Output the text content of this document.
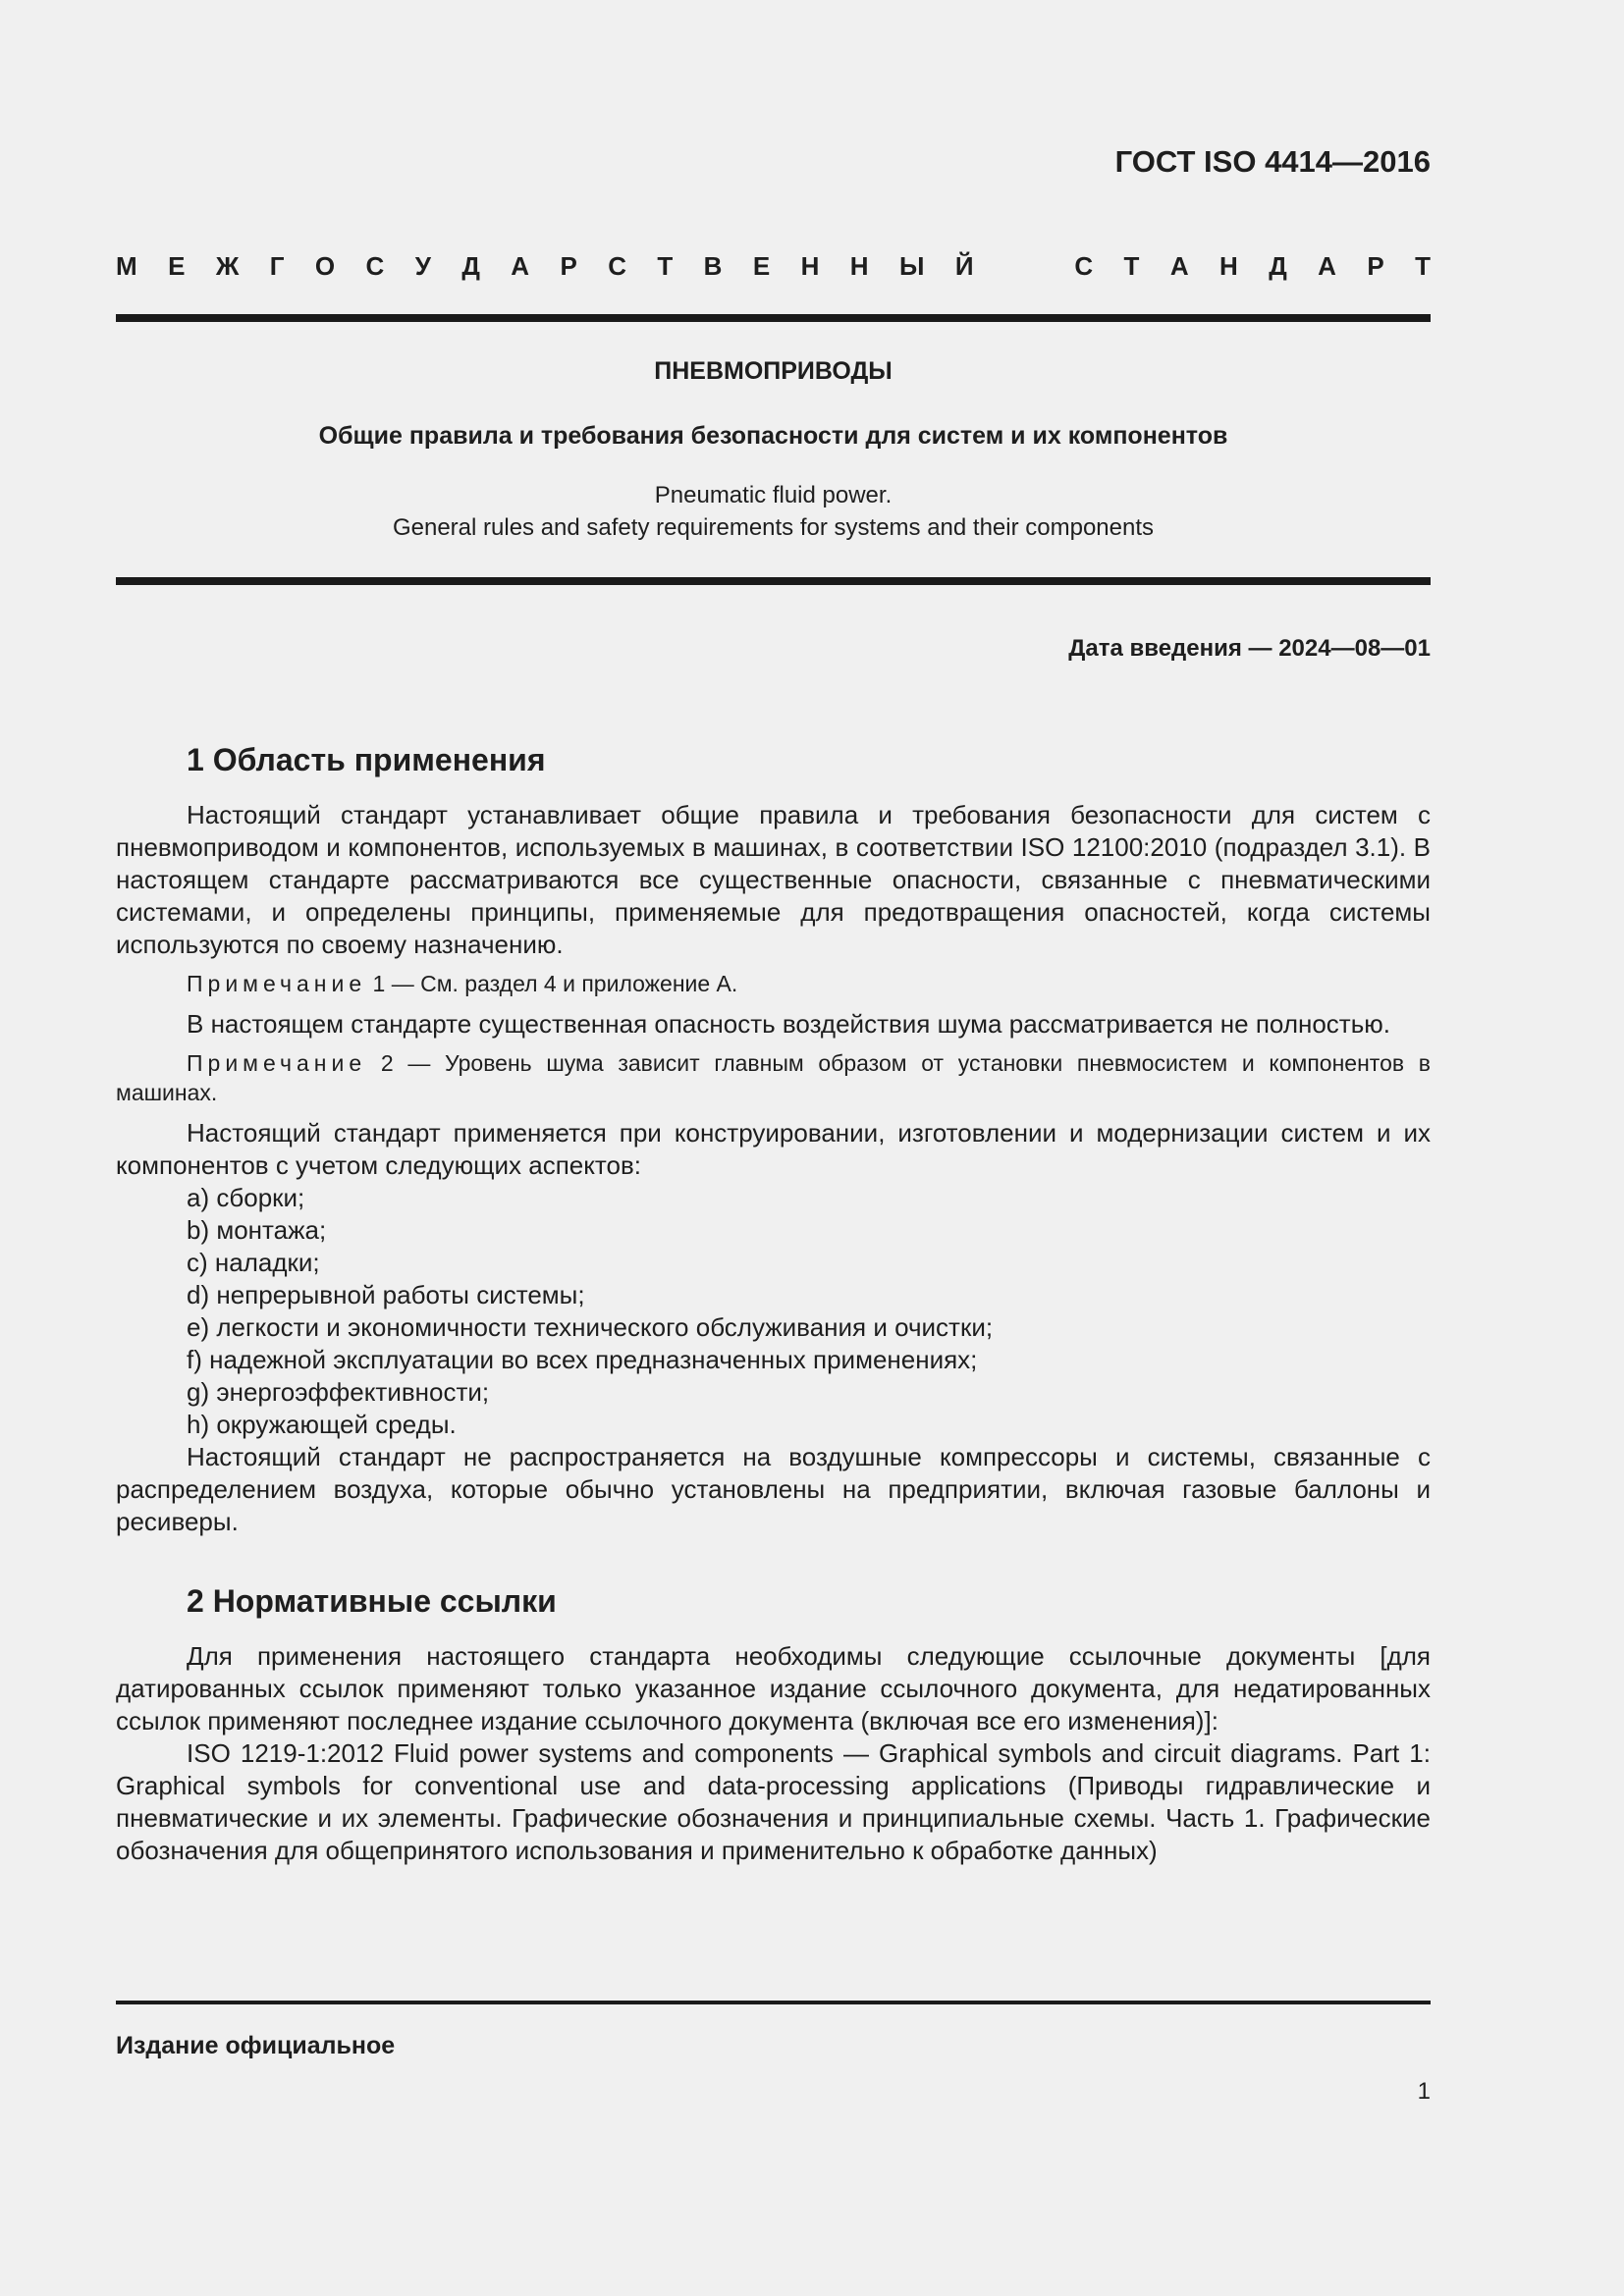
ГОСТ ISO 4414—2016

М Е Ж Г О С У Д А Р С Т В Е Н Н Ы Й	С Т А Н Д А Р Т

ПНЕВМОПРИВОДЫ

Общие правила и требования безопасности для систем и их компонентов

Pneumatic fluid power.
General rules and safety requirements for systems and their components

Дата введения — 2024—08—01

1 Область применения

Настоящий стандарт устанавливает общие правила и требования безопасности для систем с пневмоприводом и компонентов, используемых в машинах, в соответствии ISO 12100:2010 (подраздел 3.1). В настоящем стандарте рассматриваются все существенные опасности, связанные с пневматическими системами, и определены принципы, применяемые для предотвращения опасностей, когда системы используются по своему назначению.

Примечание 1 — См. раздел 4 и приложение А.

В настоящем стандарте существенная опасность воздействия шума рассматривается не полностью.

Примечание 2 — Уровень шума зависит главным образом от установки пневмосистем и компонентов в машинах.

Настоящий стандарт применяется при конструировании, изготовлении и модернизации систем и их компонентов с учетом следующих аспектов:

a) сборки;
b) монтажа;
c) наладки;
d) непрерывной работы системы;
e) легкости и экономичности технического обслуживания и очистки;
f) надежной эксплуатации во всех предназначенных применениях;
g) энергоэффективности;
h) окружающей среды.

Настоящий стандарт не распространяется на воздушные компрессоры и системы, связанные с распределением воздуха, которые обычно установлены на предприятии, включая газовые баллоны и ресиверы.

2 Нормативные ссылки

Для применения настоящего стандарта необходимы следующие ссылочные документы [для датированных ссылок применяют только указанное издание ссылочного документа, для недатированных ссылок применяют последнее издание ссылочного документа (включая все его изменения)]:

ISO 1219-1:2012 Fluid power systems and components — Graphical symbols and circuit diagrams. Part 1: Graphical symbols for conventional use and data-processing applications (Приводы гидравлические и пневматические и их элементы. Графические обозначения и принципиальные схемы. Часть 1. Графические обозначения для общепринятого использования и применительно к обработке данных)

Издание официальное

1
